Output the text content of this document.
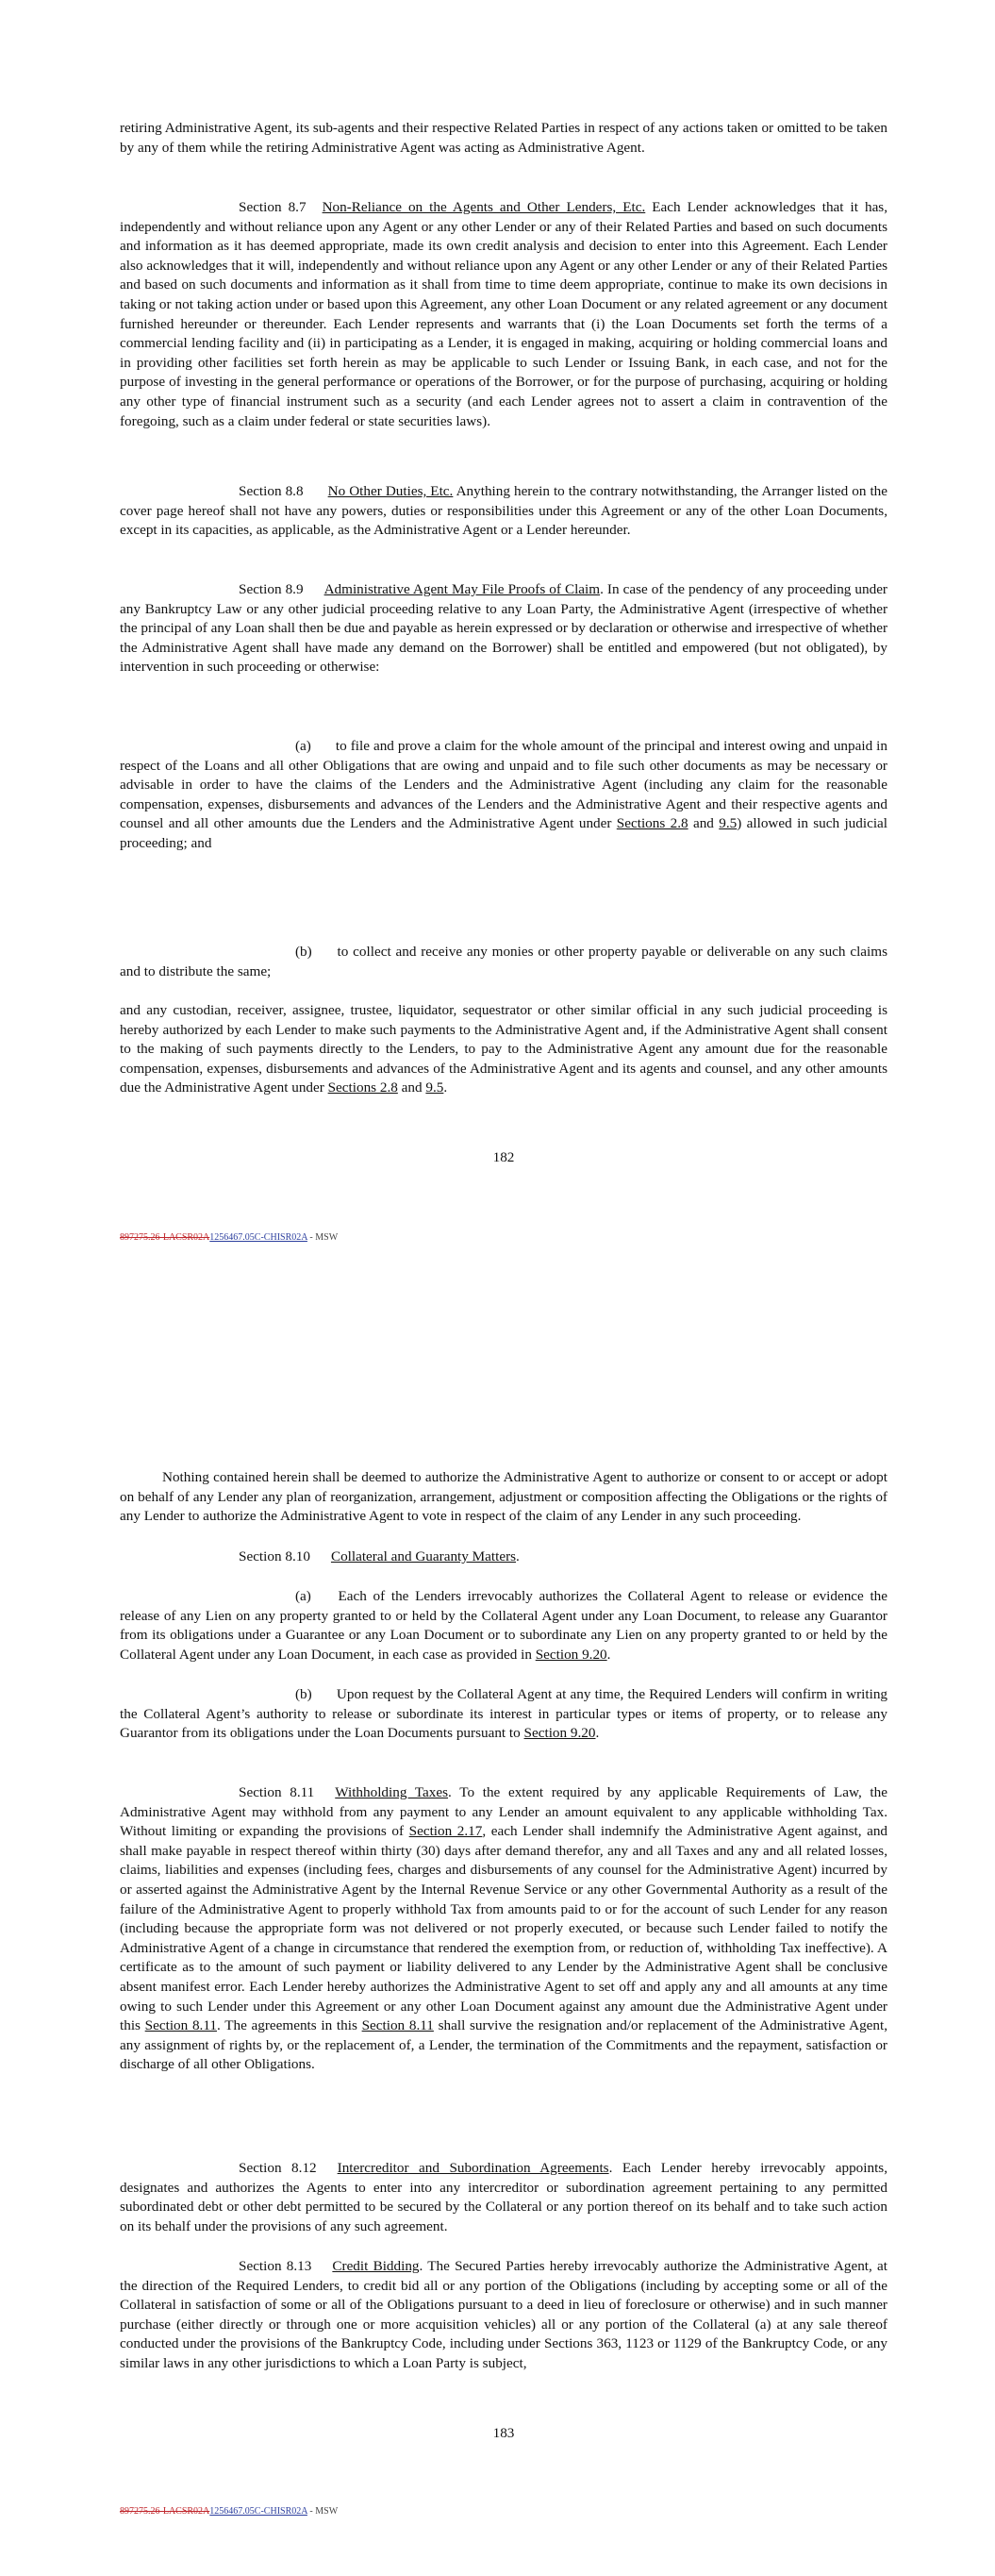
retiring Administrative Agent, its sub-agents and their respective Related Parties in respect of any actions taken or omitted to be taken by any of them while the retiring Administrative Agent was acting as Administrative Agent.

Section 8.7 Non-Reliance on the Agents and Other Lenders, Etc. Each Lender acknowledges that it has, independently and without reliance upon any Agent or any other Lender or any of their Related Parties and based on such documents and information as it has deemed appropriate, made its own credit analysis and decision to enter into this Agreement. Each Lender also acknowledges that it will, independently and without reliance upon any Agent or any other Lender or any of their Related Parties and based on such documents and information as it shall from time to time deem appropriate, continue to make its own decisions in taking or not taking action under or based upon this Agreement, any other Loan Document or any related agreement or any document furnished hereunder or thereunder. Each Lender represents and warrants that (i) the Loan Documents set forth the terms of a commercial lending facility and (ii) in participating as a Lender, it is engaged in making, acquiring or holding commercial loans and in providing other facilities set forth herein as may be applicable to such Lender or Issuing Bank, in each case, and not for the purpose of investing in the general performance or operations of the Borrower, or for the purpose of purchasing, acquiring or holding any other type of financial instrument such as a security (and each Lender agrees not to assert a claim in contravention of the foregoing, such as a claim under federal or state securities laws).

Section 8.8 No Other Duties, Etc. Anything herein to the contrary notwithstanding, the Arranger listed on the cover page hereof shall not have any powers, duties or responsibilities under this Agreement or any of the other Loan Documents, except in its capacities, as applicable, as the Administrative Agent or a Lender hereunder.

Section 8.9 Administrative Agent May File Proofs of Claim. In case of the pendency of any proceeding under any Bankruptcy Law or any other judicial proceeding relative to any Loan Party, the Administrative Agent (irrespective of whether the principal of any Loan shall then be due and payable as herein expressed or by declaration or otherwise and irrespective of whether the Administrative Agent shall have made any demand on the Borrower) shall be entitled and empowered (but not obligated), by intervention in such proceeding or otherwise:

(a) to file and prove a claim for the whole amount of the principal and interest owing and unpaid in respect of the Loans and all other Obligations that are owing and unpaid and to file such other documents as may be necessary or advisable in order to have the claims of the Lenders and the Administrative Agent (including any claim for the reasonable compensation, expenses, disbursements and advances of the Lenders and the Administrative Agent and their respective agents and counsel and all other amounts due the Lenders and the Administrative Agent under Sections 2.8 and 9.5) allowed in such judicial proceeding; and

(b) to collect and receive any monies or other property payable or deliverable on any such claims and to distribute the same;

and any custodian, receiver, assignee, trustee, liquidator, sequestrator or other similar official in any such judicial proceeding is hereby authorized by each Lender to make such payments to the Administrative Agent and, if the Administrative Agent shall consent to the making of such payments directly to the Lenders, to pay to the Administrative Agent any amount due for the reasonable compensation, expenses, disbursements and advances of the Administrative Agent and its agents and counsel, and any other amounts due the Administrative Agent under Sections 2.8 and 9.5.

182
897275.26-LACSR02A1256467.05C-CHISR02A - MSW

Nothing contained herein shall be deemed to authorize the Administrative Agent to authorize or consent to or accept or adopt on behalf of any Lender any plan of reorganization, arrangement, adjustment or composition affecting the Obligations or the rights of any Lender to authorize the Administrative Agent to vote in respect of the claim of any Lender in any such proceeding.

Section 8.10 Collateral and Guaranty Matters.

(a) Each of the Lenders irrevocably authorizes the Collateral Agent to release or evidence the release of any Lien on any property granted to or held by the Collateral Agent under any Loan Document, to release any Guarantor from its obligations under a Guarantee or any Loan Document or to subordinate any Lien on any property granted to or held by the Collateral Agent under any Loan Document, in each case as provided in Section 9.20.

(b) Upon request by the Collateral Agent at any time, the Required Lenders will confirm in writing the Collateral Agent’s authority to release or subordinate its interest in particular types or items of property, or to release any Guarantor from its obligations under the Loan Documents pursuant to Section 9.20.

Section 8.11 Withholding Taxes. To the extent required by any applicable Requirements of Law, the Administrative Agent may withhold from any payment to any Lender an amount equivalent to any applicable withholding Tax. Without limiting or expanding the provisions of Section 2.17, each Lender shall indemnify the Administrative Agent against, and shall make payable in respect thereof within thirty (30) days after demand therefor, any and all Taxes and any and all related losses, claims, liabilities and expenses (including fees, charges and disbursements of any counsel for the Administrative Agent) incurred by or asserted against the Administrative Agent by the Internal Revenue Service or any other Governmental Authority as a result of the failure of the Administrative Agent to properly withhold Tax from amounts paid to or for the account of such Lender for any reason (including because the appropriate form was not delivered or not properly executed, or because such Lender failed to notify the Administrative Agent of a change in circumstance that rendered the exemption from, or reduction of, withholding Tax ineffective). A certificate as to the amount of such payment or liability delivered to any Lender by the Administrative Agent shall be conclusive absent manifest error. Each Lender hereby authorizes the Administrative Agent to set off and apply any and all amounts at any time owing to such Lender under this Agreement or any other Loan Document against any amount due the Administrative Agent under this Section 8.11. The agreements in this Section 8.11 shall survive the resignation and/or replacement of the Administrative Agent, any assignment of rights by, or the replacement of, a Lender, the termination of the Commitments and the repayment, satisfaction or discharge of all other Obligations.

Section 8.12 Intercreditor and Subordination Agreements. Each Lender hereby irrevocably appoints, designates and authorizes the Agents to enter into any intercreditor or subordination agreement pertaining to any permitted subordinated debt or other debt permitted to be secured by the Collateral or any portion thereof on its behalf and to take such action on its behalf under the provisions of any such agreement.

Section 8.13 Credit Bidding. The Secured Parties hereby irrevocably authorize the Administrative Agent, at the direction of the Required Lenders, to credit bid all or any portion of the Obligations (including by accepting some or all of the Collateral in satisfaction of some or all of the Obligations pursuant to a deed in lieu of foreclosure or otherwise) and in such manner purchase (either directly or through one or more acquisition vehicles) all or any portion of the Collateral (a) at any sale thereof conducted under the provisions of the Bankruptcy Code, including under Sections 363, 1123 or 1129 of the Bankruptcy Code, or any similar laws in any other jurisdictions to which a Loan Party is subject,

183
897275.26-LACSR02A1256467.05C-CHISR02A - MSW
